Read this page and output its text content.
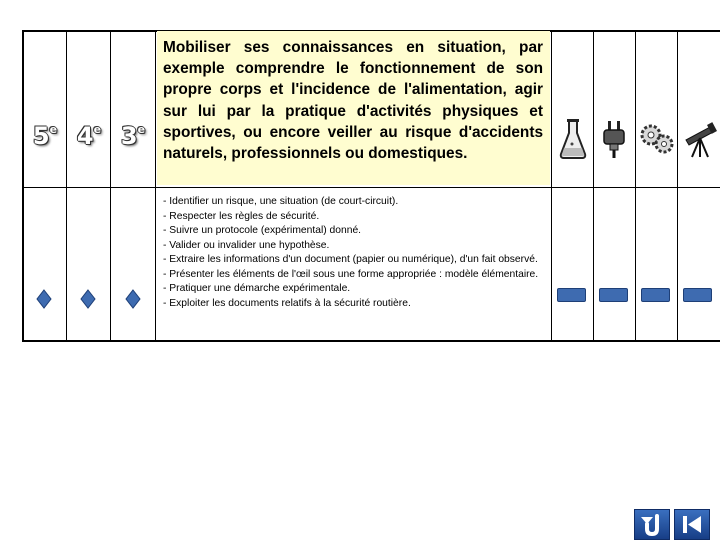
5e 4e 3e
Mobiliser ses connaissances en situation, par exemple comprendre le fonctionnement de son propre corps et l'incidence de l'alimentation, agir sur lui par la pratique d'activités physiques et sportives, ou encore veiller au risque d'accidents naturels, professionnels ou domestiques.
- Identifier un risque, une situation (de court-circuit).
- Respecter les règles de sécurité.
- Suivre un protocole (expérimental) donné.
- Valider ou invalider une hypothèse.
- Extraire les informations d'un document (papier ou numérique), d'un fait observé.
- Présenter les éléments de l'œil sous une forme appropriée : modèle élémentaire.
- Pratiquer une démarche expérimentale.
- Exploiter les documents relatifs à la sécurité routière.
